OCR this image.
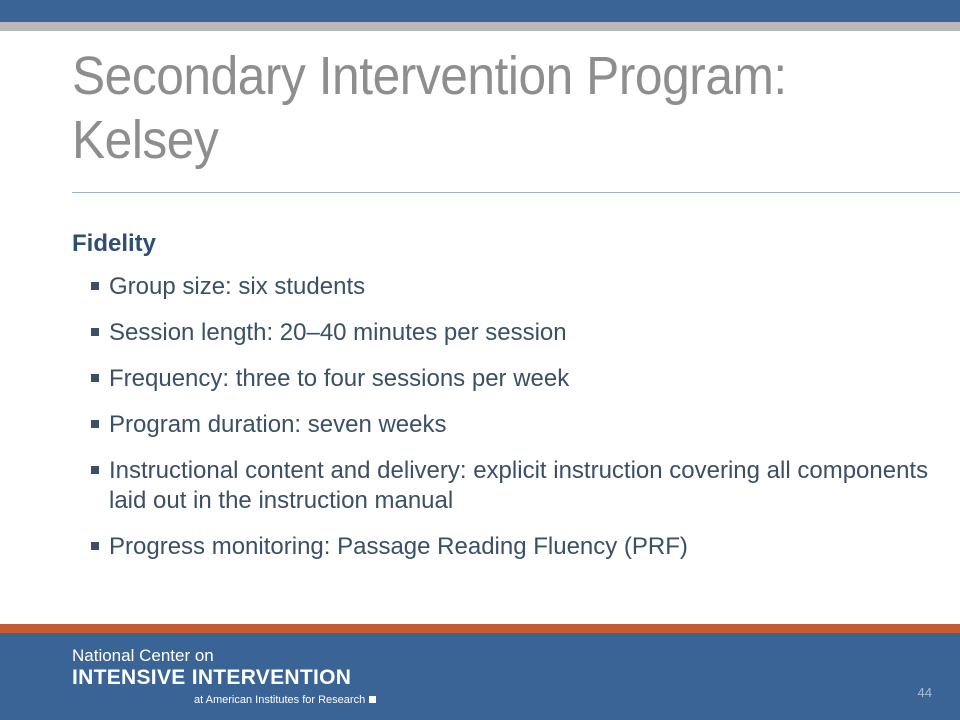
Secondary Intervention Program:
Kelsey
Fidelity
Group size: six students
Session length: 20–40 minutes per session
Frequency: three to four sessions per week
Program duration: seven weeks
Instructional content and delivery: explicit instruction covering all components laid out in the instruction manual
Progress monitoring: Passage Reading Fluency (PRF)
National Center on
INTENSIVE INTERVENTION
at American Institutes for Research	44
